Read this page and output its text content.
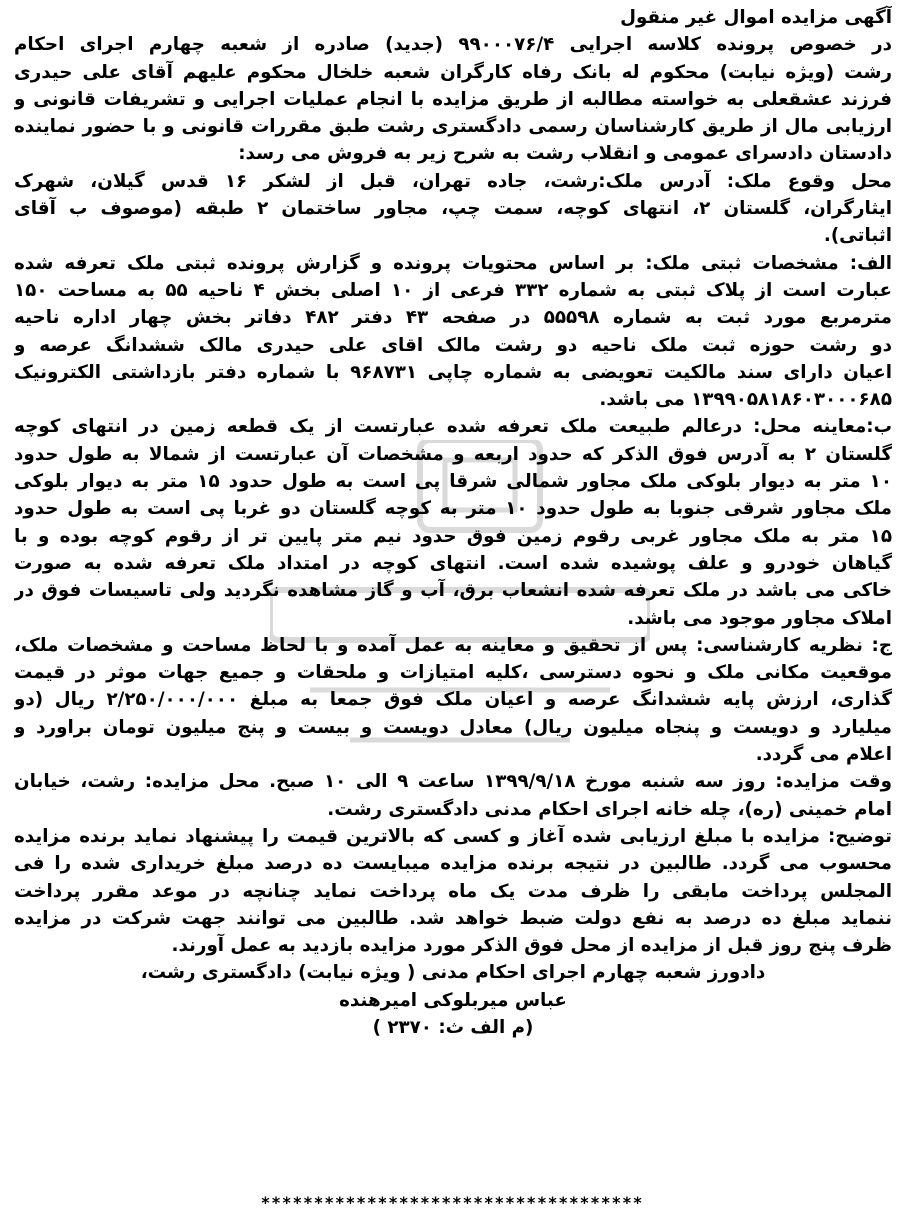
آگهی مزایده اموال غیر منقول
در خصوص پرونده کلاسه اجرایی ۹۹۰۰۰۷۶/۴ (جدید) صادره از شعبه چهارم اجرای احکام
رشت (ویژه نیابت) محکوم له بانک رفاه کارگران شعبه خلخال محکوم علیهم آقای علی حیدری
فرزند عشقعلی به خواسته مطالبه از طریق مزایده با انجام عملیات اجرایی و تشریفات قانونی و
ارزیابی مال از طریق کارشناسان رسمی دادگستری رشت طبق مقررات قانونی و با حضور نماینده
دادستان دادسرای عمومی و انقلاب رشت به شرح زیر به فروش می رسد:
محل وقوع ملک: آدرس ملک:رشت، جاده تهران، قبل از لشکر ۱۶ قدس گیلان، شهرک
ایثارگران، گلستان ۲، انتهای کوچه، سمت چپ، مجاور ساختمان ۲ طبقه (موصوف ب آقای
اثباتی).
الف: مشخصات ثبتی ملک: بر اساس محتویات پرونده و گزارش پرونده ثبتی ملک تعرفه شده
عبارت است از پلاک ثبتی به شماره ۳۳۲ فرعی از ۱۰ اصلی بخش ۴ ناحیه ۵۵ به مساحت ۱۵۰
مترمربع مورد ثبت به شماره ۵۵۵۹۸ در صفحه ۴۳ دفتر ۴۸۲ دفاتر بخش چهار اداره ناحیه
دو رشت حوزه ثبت ملک ناحیه دو رشت مالک اقای علی حیدری مالک ششدانگ عرصه و
اعیان دارای سند مالکیت تعویضی به شماره چاپی ۹۶۸۷۳۱ با شماره دفتر بازداشتی الکترونیک
۱۳۹۹۰۵۸۱۸۶۰۳۰۰۰۶۸۵ می باشد.
ب:معاینه محل: درعالم طبیعت ملک تعرفه شده عبارتست از یک قطعه زمین در انتهای کوچه
گلستان ۲ به آدرس فوق الذکر که حدود اربعه و مشخصات آن عبارتست از شمالا به طول حدود
۱۰ متر به دیوار بلوکی ملک مجاور شمالی شرقا پی است به طول حدود ۱۵ متر به دیوار بلوکی
ملک مجاور شرقی جنوبا به طول حدود ۱۰ متر به کوچه گلستان دو غربا پی است به طول حدود
۱۵ متر به ملک مجاور غربی رقوم زمین فوق حدود نیم متر پایین تر از رقوم کوچه بوده و با
گیاهان خودرو و علف پوشیده شده است. انتهای کوچه در امتداد ملک تعرفه شده به صورت
خاکی می باشد در ملک تعرفه شده انشعاب برق، آب و گاز مشاهده نگردید ولی تاسیسات فوق در
املاک مجاور موجود می باشد.
ج: نظریه کارشناسی: پس از تحقیق و معاینه به عمل آمده و با لحاظ مساحت و مشخصات ملک،
موقعیت مکانی ملک و نحوه دسترسی ،کلیه امتیازات و ملحقات و جمیع جهات موثر در قیمت
گذاری، ارزش پایه ششدانگ عرصه و اعیان ملک فوق جمعا به مبلغ ۲/۲۵۰/۰۰۰/۰۰۰ ریال (دو
میلیارد و دویست و پنجاه میلیون ریال) معادل دویست و بیست و پنج میلیون تومان براورد و
اعلام می گردد.
وقت مزایده: روز سه شنبه مورخ ۱۳۹۹/۹/۱۸ ساعت ۹ الی ۱۰ صبح. محل مزایده: رشت، خیابان
امام خمینی (ره)، چله خانه اجرای احکام مدنی دادگستری رشت.
توضیح: مزایده با مبلغ ارزیابی شده آغاز و کسی که بالاترین قیمت را پیشنهاد نماید برنده مزایده
محسوب می گردد. طالبین در نتیجه برنده مزایده میبایست ده درصد مبلغ خریداری شده را فی
المجلس پرداخت مابقی را ظرف مدت یک ماه پرداخت نماید چنانچه در موعد مقرر پرداخت
ننماید مبلغ ده درصد به نفع دولت ضبط خواهد شد. طالبین می توانند جهت شرکت در مزایده
ظرف پنج روز قبل از مزایده از محل فوق الذکر مورد مزایده بازدید به عمل آورند.
دادورز شعبه چهارم اجرای احکام مدنی ( ویژه نیابت) دادگستری رشت،
عباس میربلوکی امیرهنده
(م الف ث: ۲۳۷۰ )
************************************
